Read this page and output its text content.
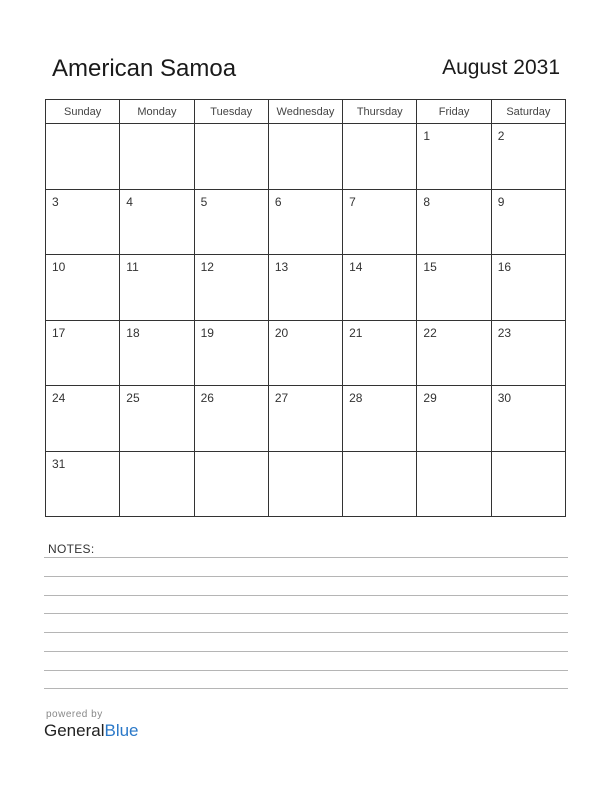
American Samoa	August 2031
Sunday	Monday	Tuesday	Wednesday	Thursday	Friday	Saturday

					1	2

3	4	5	6	7	8	9

10	11	12	13	14	15	16

17	18	19	20	21	22	23

24	25	26	27	28	29	30

31						

NOTES:
powered by
GeneralBlue
